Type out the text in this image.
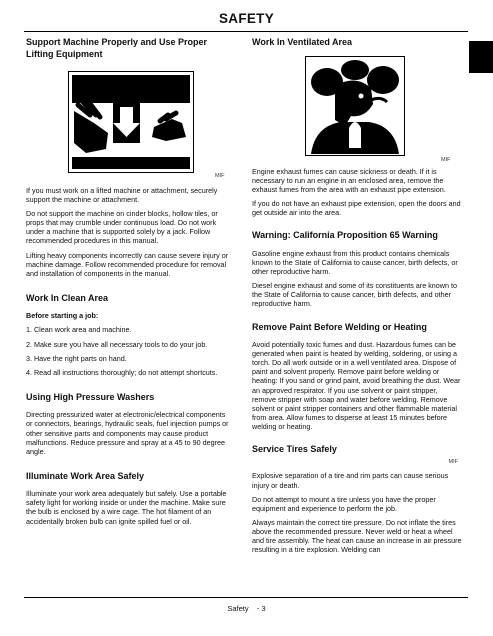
SAFETY
Support Machine Properly and Use Proper Lifting Equipment
MIF

If you must work on a lifted machine or attachment, securely support the machine or attachment.

Do not support the machine on cinder blocks, hollow tiles, or props that may crumble under continuous load. Do not work under a machine that is supported solely by a jack. Follow recommended procedures in this manual.

Lifting heavy components incorrectly can cause severe injury or machine damage. Follow recommended procedure for removal and installation of components in the manual.

Work In Clean Area

Before starting a job:

1. Clean work area and machine.

2. Make sure you have all necessary tools to do your job.

3. Have the right parts on hand.

4. Read all instructions thoroughly; do not attempt shortcuts.

Using High Pressure Washers

Directing pressurized water at electronic/electrical components or connectors, bearings, hydraulic seals, fuel injection pumps or other sensitive parts and components may cause product malfunctions. Reduce pressure and spray at a 45 to 90 degree angle.

Illuminate Work Area Safely

Illuminate your work area adequately but safely. Use a portable safety light for working inside or under the machine. Make sure the bulb is enclosed by a wire cage. The hot filament of an accidentally broken bulb can ignite spilled fuel or oil.

Work In Ventilated Area
MIF

Engine exhaust fumes can cause sickness or death. If it is necessary to run an engine in an enclosed area, remove the exhaust fumes from the area with an exhaust pipe extension.

If you do not have an exhaust pipe extension, open the doors and get outside air into the area.

Warning: California Proposition 65 Warning

Gasoline engine exhaust from this product contains chemicals known to the State of California to cause cancer, birth defects, or other reproductive harm.

Diesel engine exhaust and some of its constituents are known to the State of California to cause cancer, birth defects, and other reproductive harm.

Remove Paint Before Welding or Heating

Avoid potentially toxic fumes and dust. Hazardous fumes can be generated when paint is heated by welding, soldering, or using a torch. Do all work outside or in a well ventilated area. Dispose of paint and solvent properly. Remove paint before welding or heating: If you sand or grind paint, avoid breathing the dust. Wear an approved respirator. If you use solvent or paint stripper, remove stripper with soap and water before welding. Remove solvent or paint stripper containers and other flammable material from area. Allow fumes to disperse at least 15 minutes before welding or heating.

Service Tires Safely
MIF

Explosive separation of a tire and rim parts can cause serious injury or death.

Do not attempt to mount a tire unless you have the proper equipment and experience to perform the job.

Always maintain the correct tire pressure. Do not inflate the tires above the recommended pressure. Never weld or heat a wheel and tire assembly. The heat can cause an increase in air pressure resulting in a tire explosion. Welding can

Safety    - 3
